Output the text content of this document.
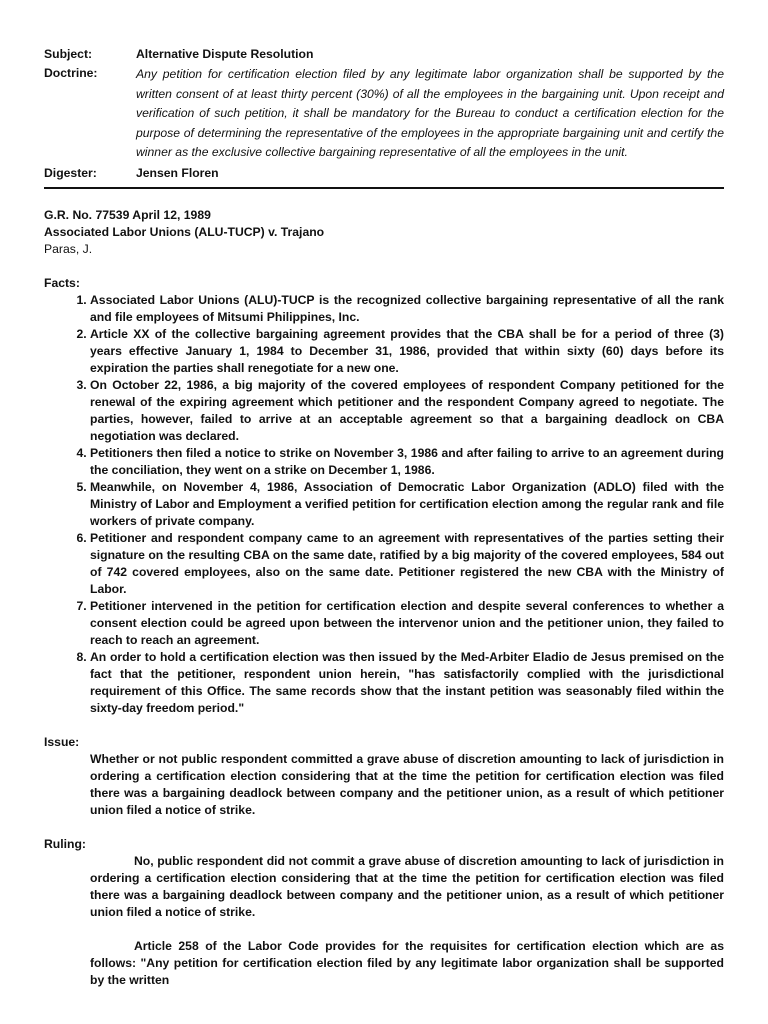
Subject:	Alternative Dispute Resolution
Doctrine:	Any petition for certification election filed by any legitimate labor organization shall be supported by the written consent of at least thirty percent (30%) of all the employees in the bargaining unit. Upon receipt and verification of such petition, it shall be mandatory for the Bureau to conduct a certification election for the purpose of determining the representative of the employees in the appropriate bargaining unit and certify the winner as the exclusive collective bargaining representative of all the employees in the unit.
Digester:	Jensen Floren
G.R. No. 77539 April 12, 1989
Associated Labor Unions (ALU-TUCP) v. Trajano
Paras, J.
Facts:
1. Associated Labor Unions (ALU)-TUCP is the recognized collective bargaining representative of all the rank and file employees of Mitsumi Philippines, Inc.
2. Article XX of the collective bargaining agreement provides that the CBA shall be for a period of three (3) years effective January 1, 1984 to December 31, 1986, provided that within sixty (60) days before its expiration the parties shall renegotiate for a new one.
3. On October 22, 1986, a big majority of the covered employees of respondent Company petitioned for the renewal of the expiring agreement which petitioner and the respondent Company agreed to negotiate. The parties, however, failed to arrive at an acceptable agreement so that a bargaining deadlock on CBA negotiation was declared.
4. Petitioners then filed a notice to strike on November 3, 1986 and after failing to arrive to an agreement during the conciliation, they went on a strike on December 1, 1986.
5. Meanwhile, on November 4, 1986, Association of Democratic Labor Organization (ADLO) filed with the Ministry of Labor and Employment a verified petition for certification election among the regular rank and file workers of private company.
6. Petitioner and respondent company came to an agreement with representatives of the parties setting their signature on the resulting CBA on the same date, ratified by a big majority of the covered employees, 584 out of 742 covered employees, also on the same date. Petitioner registered the new CBA with the Ministry of Labor.
7. Petitioner intervened in the petition for certification election and despite several conferences to whether a consent election could be agreed upon between the intervenor union and the petitioner union, they failed to reach to reach an agreement.
8. An order to hold a certification election was then issued by the Med-Arbiter Eladio de Jesus premised on the fact that the petitioner, respondent union herein, "has satisfactorily complied with the jurisdictional requirement of this Office. The same records show that the instant petition was seasonably filed within the sixty-day freedom period."
Issue:
Whether or not public respondent committed a grave abuse of discretion amounting to lack of jurisdiction in ordering a certification election considering that at the time the petition for certification election was filed there was a bargaining deadlock between company and the petitioner union, as a result of which petitioner union filed a notice of strike.
Ruling:
No, public respondent did not commit a grave abuse of discretion amounting to lack of jurisdiction in ordering a certification election considering that at the time the petition for certification election was filed there was a bargaining deadlock between company and the petitioner union, as a result of which petitioner union filed a notice of strike.
Article 258 of the Labor Code provides for the requisites for certification election which are as follows: "Any petition for certification election filed by any legitimate labor organization shall be supported by the written
